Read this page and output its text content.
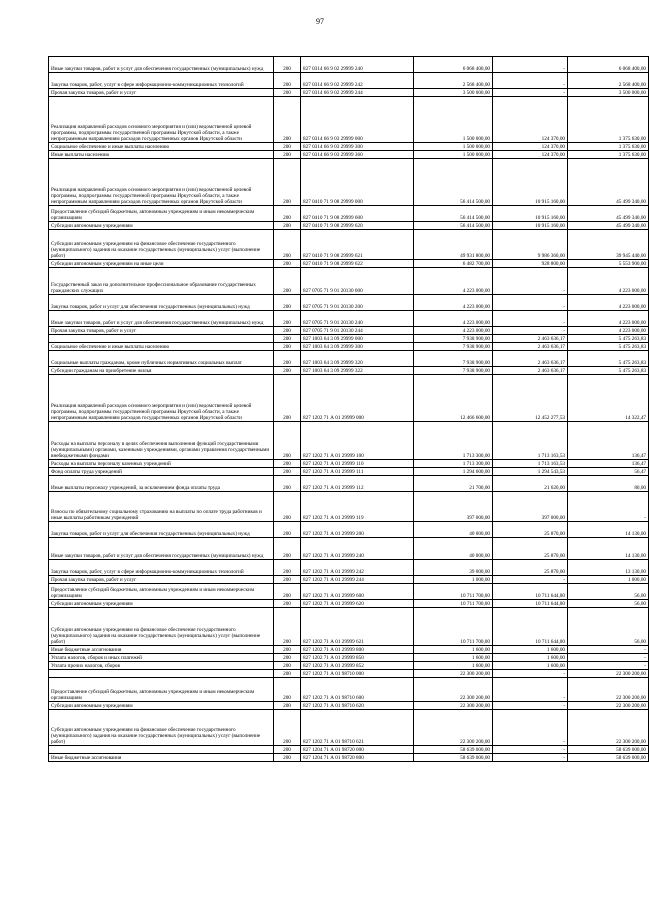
97
Иные закупки товаров, работ и услуг для обеспечения государственных (муниципальных) нужд	200	827 0314 66 9 02 29999 240	6 068 400,00	-	6 068 400,00
Закупка товаров, работ, услуг в сфере информационно-коммуникационных технологий	200	827 0314 66 9 02 29999 242	2 568 400,00	-	2 568 400,00
Прочая закупка товаров, работ и услуг	200	827 0314 66 9 02 29999 244	3 500 000,00	-	3 500 000,00
Реализация направлений расходов основного мероприятия и (или) ведомственной целевой программы, подпрограммы государственной программы Иркутской области, а также непрограммным направлениям расходов государственных органов Иркутской области	200	827 0314 66 9 03 29999 000	1 500 000,00	124 370,00	1 375 630,00
Социальное обеспечение и иные выплаты населению	200	827 0314 66 9 03 29999 300	1 500 000,00	124 370,00	1 375 630,00
Иные выплаты населению	200	827 0314 66 9 03 29999 360	1 500 000,00	124 370,00	1 375 630,00
Реализация направлений расходов основного мероприятия и (или) ведомственной целевой программы, подпрограммы государственной программы Иркутской области, а также непрограммным направлениям расходов государственных органов Иркутской области	200	827 0410 71 9 08 29999 000	56 414 500,00	10 915 160,00	45 499 340,00
Предоставление субсидий бюджетным, автономным учреждениям и иным некоммерческим организациям	200	827 0410 71 9 08 29999 600	56 414 500,00	10 915 160,00	45 499 340,00
Субсидии автономным учреждениям	200	827 0410 71 9 08 29999 620	56 414 500,00	10 915 160,00	45 499 340,00
Субсидии автономным учреждениям на финансовое обеспечение государственного (муниципального) задания на оказание государственных (муниципальных) услуг (выполнение работ)	200	827 0410 71 9 08 29999 621	49 931 800,00	9 986 360,00	39 945 440,00
Субсидии автономным учреждениям на иные цели	200	827 0410 71 9 08 29999 622	6 482 700,00	928 800,00	5 553 900,00
Государственный заказ на дополнительное профессиональное образование государственных гражданских служащих	200	827 0705 71 9 01 20130 000	4 223 000,00	-	4 223 000,00
Закупка товаров, работ и услуг для обеспечения государственных (муниципальных) нужд	200	827 0705 71 9 01 20130 200	4 223 000,00	-	4 223 000,00
Иные закупки товаров, работ и услуг для обеспечения государственных (муниципальных) нужд	200	827 0705 71 9 01 20130 240	4 223 000,00	-	4 223 000,00
Прочая закупка товаров, работ и услуг	200	827 0705 71 9 01 20130 244	4 223 000,00	-	4 223 000,00
	200	827 1003 64 3 09 29999 000	7 938 900,00	2 463 636,17	5 475 263,83
Социальное обеспечение и иные выплаты населению	200	827 1003 64 3 09 29999 300	7 938 900,00	2 463 636,17	5 475 263,83
Социальные выплаты гражданам, кроме публичных нормативных социальных выплат	200	827 1003 64 3 09 29999 320	7 938 900,00	2 463 636,17	5 475 263,83
Субсидии гражданам на приобретение жилья	200	827 1003 64 3 09 29999 322	7 938 900,00	2 463 636,17	5 475 263,83
Реализация направлений расходов основного мероприятия и (или) ведомственной целевой программы, подпрограммы государственной программы Иркутской области, а также непрограммным направлениям расходов государственных органов Иркутской области	200	827 1202 71 А 01 29999 000	12 466 600,00	12 452 277,53	14 322,47
Расходы на выплаты персоналу в целях обеспечения выполнения функций государственными (муниципальными) органами, казенными учреждениями, органами управления государственными внебюджетными фондами	200	827 1202 71 А 01 29999 100	1 713 300,00	1 713 163,53	136,47
Расходы на выплаты персоналу казенных учреждений	200	827 1202 71 А 01 29999 110	1 713 300,00	1 713 163,53	136,47
Фонд оплаты труда учреждений	200	827 1202 71 А 01 29999 111	1 294 600,00	1 294 543,53	56,47
Иные выплаты персоналу учреждений, за исключением фонда оплаты труда	200	827 1202 71 А 01 29999 112	21 700,00	21 620,00	80,00
Взносы по обязательному социальному страхованию на выплаты по оплате труда работников и иные выплаты работникам учреждений	200	827 1202 71 А 01 29999 119	397 000,00	397 000,00	-
Закупка товаров, работ и услуг для обеспечения государственных (муниципальных) нужд	200	827 1202 71 А 01 29999 200	40 000,00	25 870,00	14 130,00
Иные закупки товаров, работ и услуг для обеспечения государственных (муниципальных) нужд	200	827 1202 71 А 01 29999 240	40 000,00	25 870,00	14 130,00
Закупка товаров, работ, услуг в сфере информационно-коммуникационных технологий	200	827 1202 71 А 01 29999 242	39 000,00	25 870,00	13 130,00
Прочая закупка товаров, работ и услуг	200	827 1202 71 А 01 29999 244	1 000,00	-	1 000,00
Предоставление субсидий бюджетным, автономным учреждениям и иным некоммерческим организациям	200	827 1202 71 А 01 29999 600	10 711 700,00	10 711 644,00	56,00
Субсидии автономным учреждениям	200	827 1202 71 А 01 29999 620	10 711 700,00	10 711 644,00	56,00
Субсидии автономным учреждениям на финансовое обеспечение государственного (муниципального) задания на оказание государственных (муниципальных) услуг (выполнение работ)	200	827 1202 71 А 01 29999 621	10 711 700,00	10 711 644,00	56,00
Иные бюджетные ассигнования	200	827 1202 71 А 01 29999 800	1 600,00	1 600,00	-
Уплата налогов, сборов и иных платежей	200	827 1202 71 А 01 29999 850	1 600,00	1 600,00	-
Уплата прочих налогов, сборов	200	827 1202 71 А 01 29999 852	1 600,00	1 600,00	-
	200	827 1202 71 А 01 98710 000	22 300 200,00	-	22 300 200,00
Предоставление субсидий бюджетным, автономным учреждениям и иным некоммерческим организациям	200	827 1202 71 А 01 98710 600	22 300 200,00	-	22 300 200,00
Субсидии автономным учреждениям	200	827 1202 71 А 01 98710 620	22 300 200,00	-	22 300 200,00
Субсидии автономным учреждениям на финансовое обеспечение государственного (муниципального) задания на оказание государственных (муниципальных) услуг (выполнение работ)	200	827 1202 71 А 01 98710 621	22 300 200,00	-	22 300 200,00
	200	827 1204 71 А 01 98720 000	58 639 000,00	-	58 639 000,00
Иные бюджетные ассигнования	200	827 1204 71 А 01 98720 800	58 639 000,00	-	58 639 000,00
